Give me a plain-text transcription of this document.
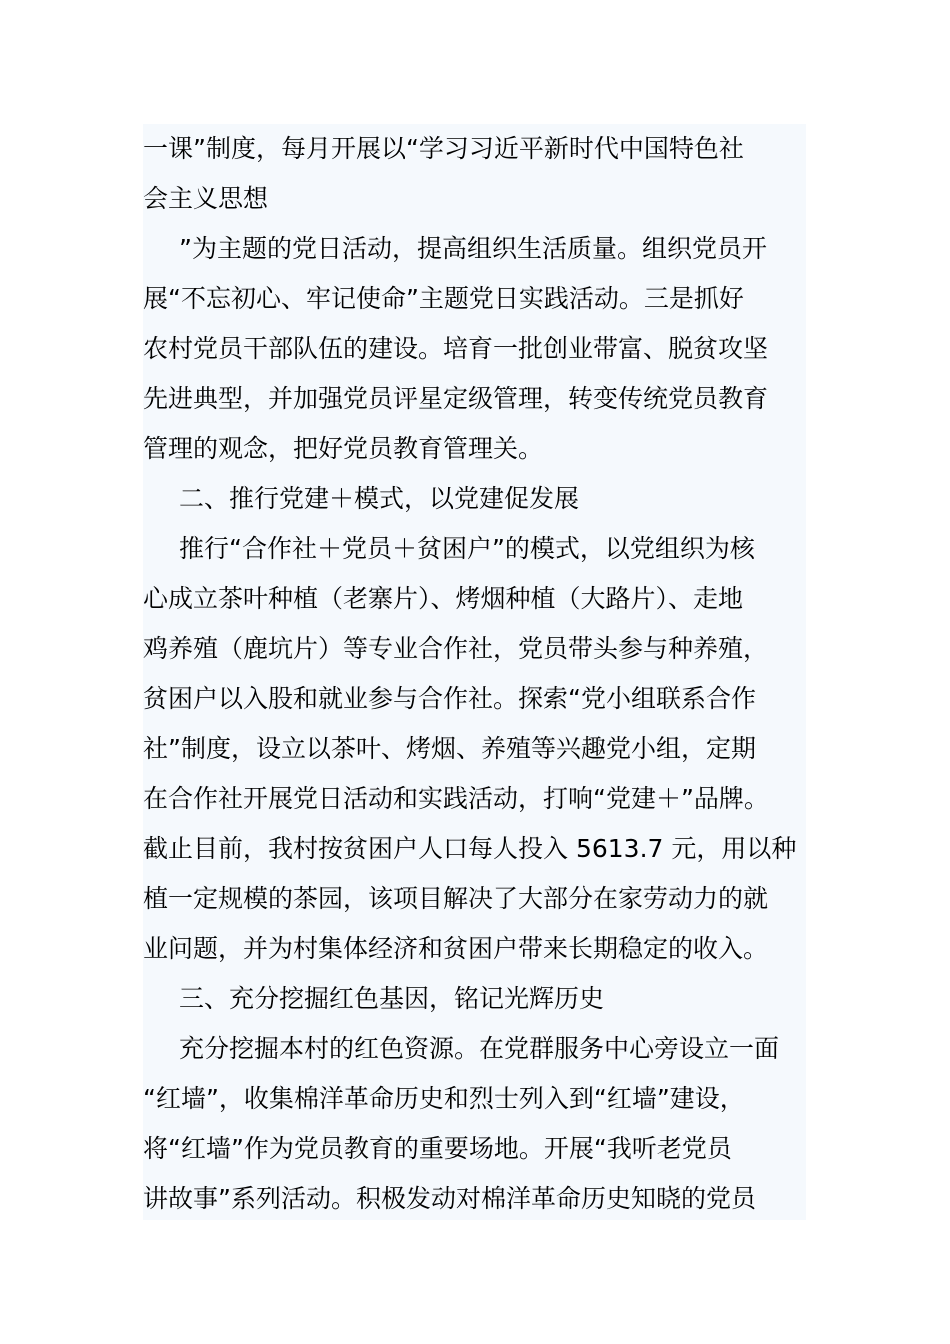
一课”制度，每月开展以“学习习近平新时代中国特色社

会主义思想

”为主题的党日活动，提高组织生活质量。组织党员开

展“不忘初心、牢记使命”主题党日实践活动。三是抓好

农村党员干部队伍的建设。培育一批创业带富、脱贫攻坚

先进典型，并加强党员评星定级管理，转变传统党员教育

管理的观念，把好党员教育管理关。

二、推行党建＋模式，以党建促发展

推行“合作社＋党员＋贫困户”的模式，以党组织为核

心成立茶叶种植（老寨片）、烤烟种植（大路片）、走地

鸡养殖（鹿坑片）等专业合作社，党员带头参与种养殖，

贫困户以入股和就业参与合作社。探索“党小组联系合作

社”制度，设立以茶叶、烤烟、养殖等兴趣党小组，定期

在合作社开展党日活动和实践活动，打响“党建＋”品牌。

截止目前，我村按贫困户人口每人投入 5613.7 元，用以种

植一定规模的茶园，该项目解决了大部分在家劳动力的就

业问题，并为村集体经济和贫困户带来长期稳定的收入。

三、充分挖掘红色基因，铭记光辉历史

充分挖掘本村的红色资源。在党群服务中心旁设立一面

“红墙”，收集棉洋革命历史和烈士列入到“红墙”建设，

将“红墙”作为党员教育的重要场地。开展“我听老党员

讲故事”系列活动。积极发动对棉洋革命历史知晓的党员
